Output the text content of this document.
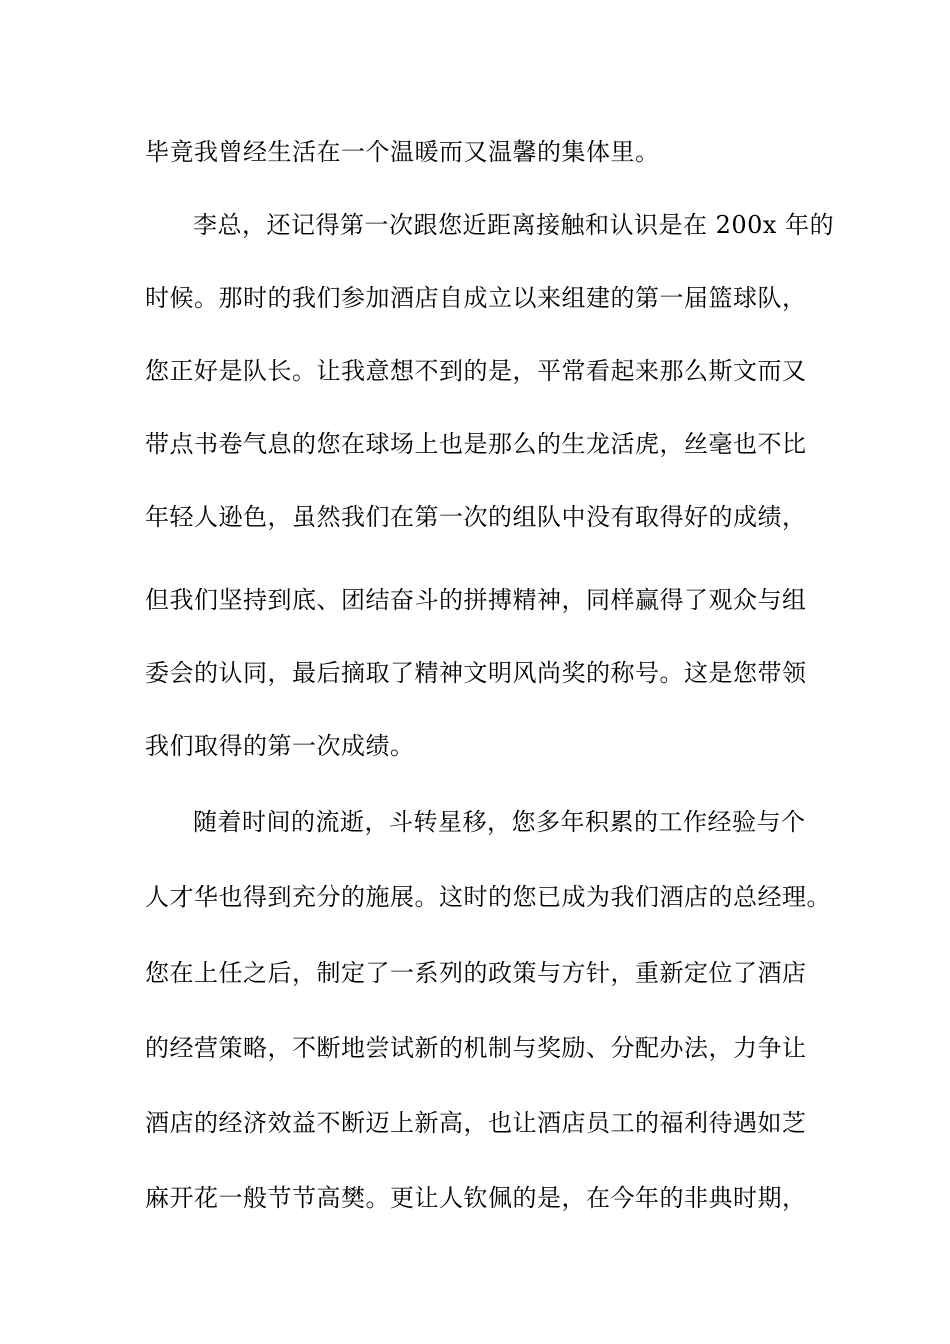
毕竟我曾经生活在一个温暖而又温馨的集体里。
李总，还记得第一次跟您近距离接触和认识是在 200x 年的
时候。那时的我们参加酒店自成立以来组建的第一届篮球队，
您正好是队长。让我意想不到的是，平常看起来那么斯文而又
带点书卷气息的您在球场上也是那么的生龙活虎，丝毫也不比
年轻人逊色，虽然我们在第一次的组队中没有取得好的成绩，
但我们坚持到底、团结奋斗的拼搏精神，同样赢得了观众与组
委会的认同，最后摘取了精神文明风尚奖的称号。这是您带领
我们取得的第一次成绩。
随着时间的流逝，斗转星移，您多年积累的工作经验与个
人才华也得到充分的施展。这时的您已成为我们酒店的总经理。
您在上任之后，制定了一系列的政策与方针，重新定位了酒店
的经营策略，不断地尝试新的机制与奖励、分配办法，力争让
酒店的经济效益不断迈上新高，也让酒店员工的福利待遇如芝
麻开花一般节节高樊。更让人钦佩的是，在今年的非典时期，
